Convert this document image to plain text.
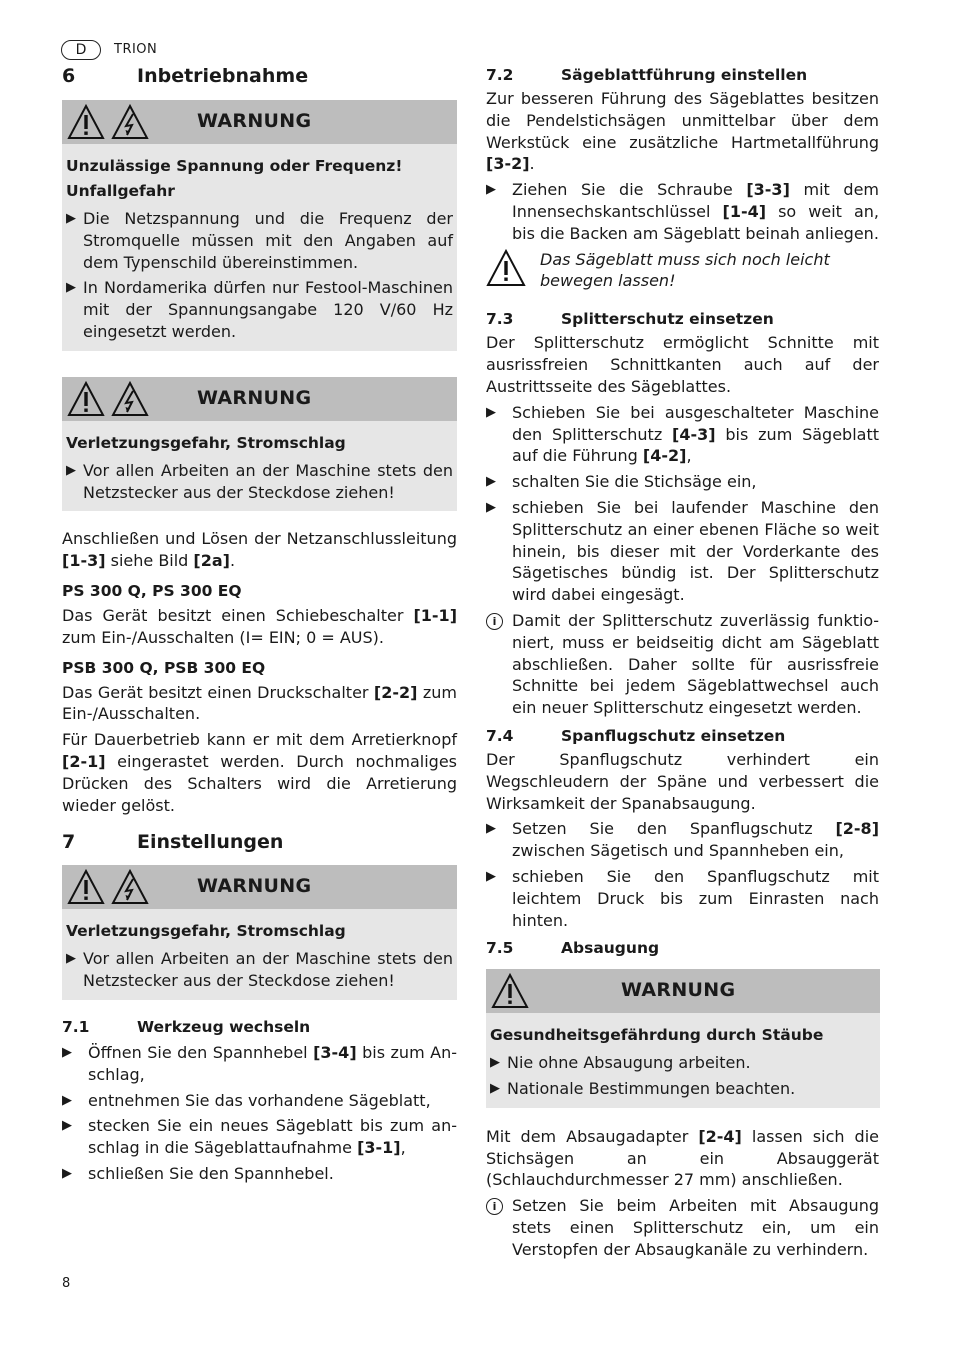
D	TRION
6	Inbetriebnahme
WARNUNG
Unzulässige Spannung oder Frequenz!
Unfallgefahr
▶ Die Netzspannung und die Frequenz der Stromquelle müssen mit den Angaben auf dem Typenschild übereinstimmen.
▶ In Nordamerika dürfen nur Festool-Maschinen mit der Spannungsangabe 120 V/60 Hz eingesetzt werden.
WARNUNG
Verletzungsgefahr, Stromschlag
▶ Vor allen Arbeiten an der Maschine stets den Netzstecker aus der Steckdose ziehen!

Anschließen und Lösen der Netzanschlussleitung [1-3] siehe Bild [2a].

PS 300 Q, PS 300 EQ

Das Gerät besitzt einen Schiebeschalter [1-1] zum Ein-/Ausschalten (I= EIN; 0 = AUS).

PSB 300 Q, PSB 300 EQ

Das Gerät besitzt einen Druckschalter [2-2] zum Ein-/Ausschalten.

Für Dauerbetrieb kann er mit dem Arretierknopf [2-1] eingerastet werden. Durch nochmaliges Drücken des Schalters wird die Arretierung wieder gelöst.

7	Einstellungen
WARNUNG
Verletzungsgefahr, Stromschlag
▶ Vor allen Arbeiten an der Maschine stets den Netzstecker aus der Steckdose ziehen!
7.1	Werkzeug wechseln
▶	Öffnen Sie den Spannhebel [3-4] bis zum Anschlag,
▶	entnehmen Sie das vorhandene Sägeblatt,
▶	stecken Sie ein neues Sägeblatt bis zum anschlag in die Sägeblattaufnahme [3-1],
▶	schließen Sie den Spannhebel.
7.2	Sägeblattführung einstellen

Zur besseren Führung des Sägeblattes besitzen die Pendelstichsägen unmittelbar über dem Werkstück eine zusätzliche Hartmetallführung [3-2].

▶	Ziehen Sie die Schraube [3-3] mit dem Innensechskantschlüssel [1-4] so weit an, bis die Backen am Sägeblatt beinah anliegen.
Das Sägeblatt muss sich noch leicht bewegen lassen!
7.3	Splitterschutz einsetzen

Der Splitterschutz ermöglicht Schnitte mit ausrissfreien Schnittkanten auch auf der Austrittsseite des Sägeblattes.

▶	Schieben Sie bei ausgeschalteter Maschine den Splitterschutz [4-3] bis zum Sägeblatt auf die Führung [4-2],
▶	schalten Sie die Stichsäge ein,
▶	schieben Sie bei laufender Maschine den Splitterschutz an einer ebenen Fläche so weit hinein, bis dieser mit der Vorderkante des Sägetisches bündig ist. Der Splitterschutz wird dabei eingesägt.
i Damit der Splitterschutz zuverlässig funktioniert, muss er beidseitig dicht am Sägeblatt abschließen. Daher sollte für ausrissfreie Schnitte bei jedem Sägeblattwechsel auch ein neuer Splitterschutz eingesetzt werden.
7.4	Spanflugschutz einsetzen

Der Spanflugschutz verhindert ein Wegschleudern der Späne und verbessert die Wirksamkeit der Spanabsaugung.

▶	Setzen Sie den Spanflugschutz [2-8] zwischen Sägetisch und Spannheben ein,
▶	schieben Sie den Spanflugschutz mit leichtem Druck bis zum Einrasten nach hinten.
7.5	Absaugung
WARNUNG
Gesundheitsgefährdung durch Stäube
▶ Nie ohne Absaugung arbeiten.
▶ Nationale Bestimmungen beachten.

Mit dem Absaugadapter [2-4] lassen sich die Stichsägen an ein Absauggerät (Schlauchdurchmesser 27 mm) anschließen.

i Setzen Sie beim Arbeiten mit Absaugung stets einen Splitterschutz ein, um ein Verstopfen der Absaugkanäle zu verhindern.
8
